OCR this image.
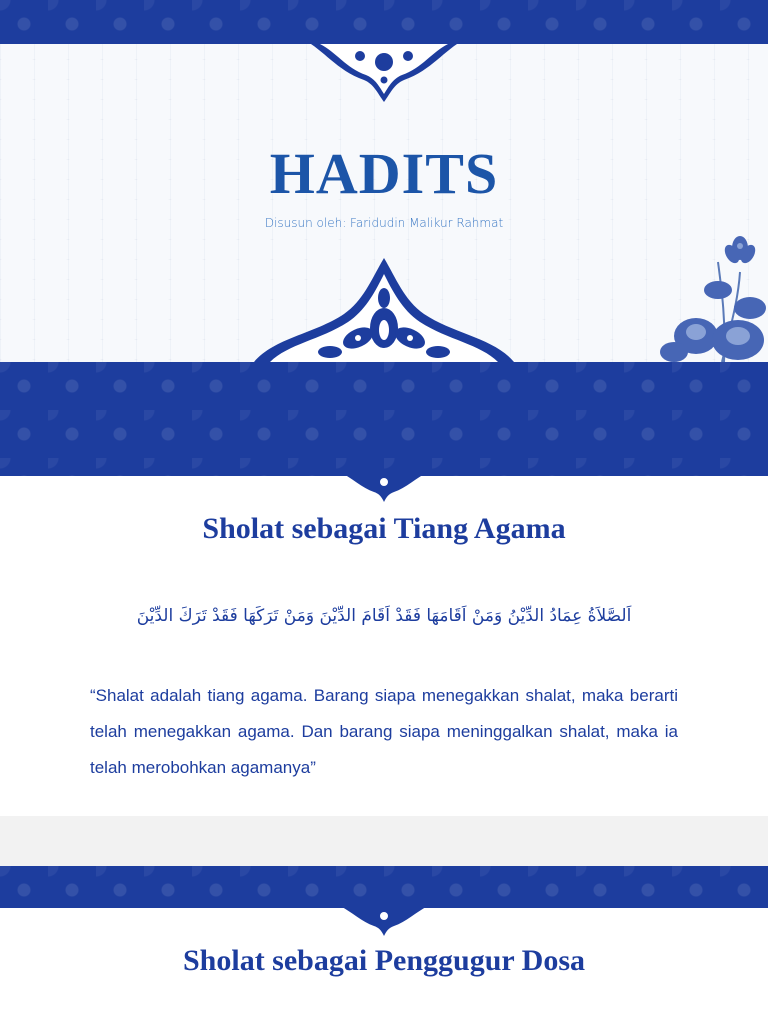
HADITS
Disusun oleh: Faridudin Malikur Rahmat
Sholat sebagai Tiang Agama
اَلصَّلاَةُ عِمَادُ الدِّيْنُ وَمَنْ اَقَامَهَا فَقَدْ اَقَامَ الدِّيْنَ وَمَنْ تَرَكَهَا فَقَدْ تَرَكَ الدِّيْنَ

“Shalat adalah tiang agama. Barang siapa menegakkan shalat, maka berarti telah menegakkan agama. Dan barang siapa meninggalkan shalat, maka ia telah merobohkan agamanya”

Sholat sebagai Penggugur Dosa
